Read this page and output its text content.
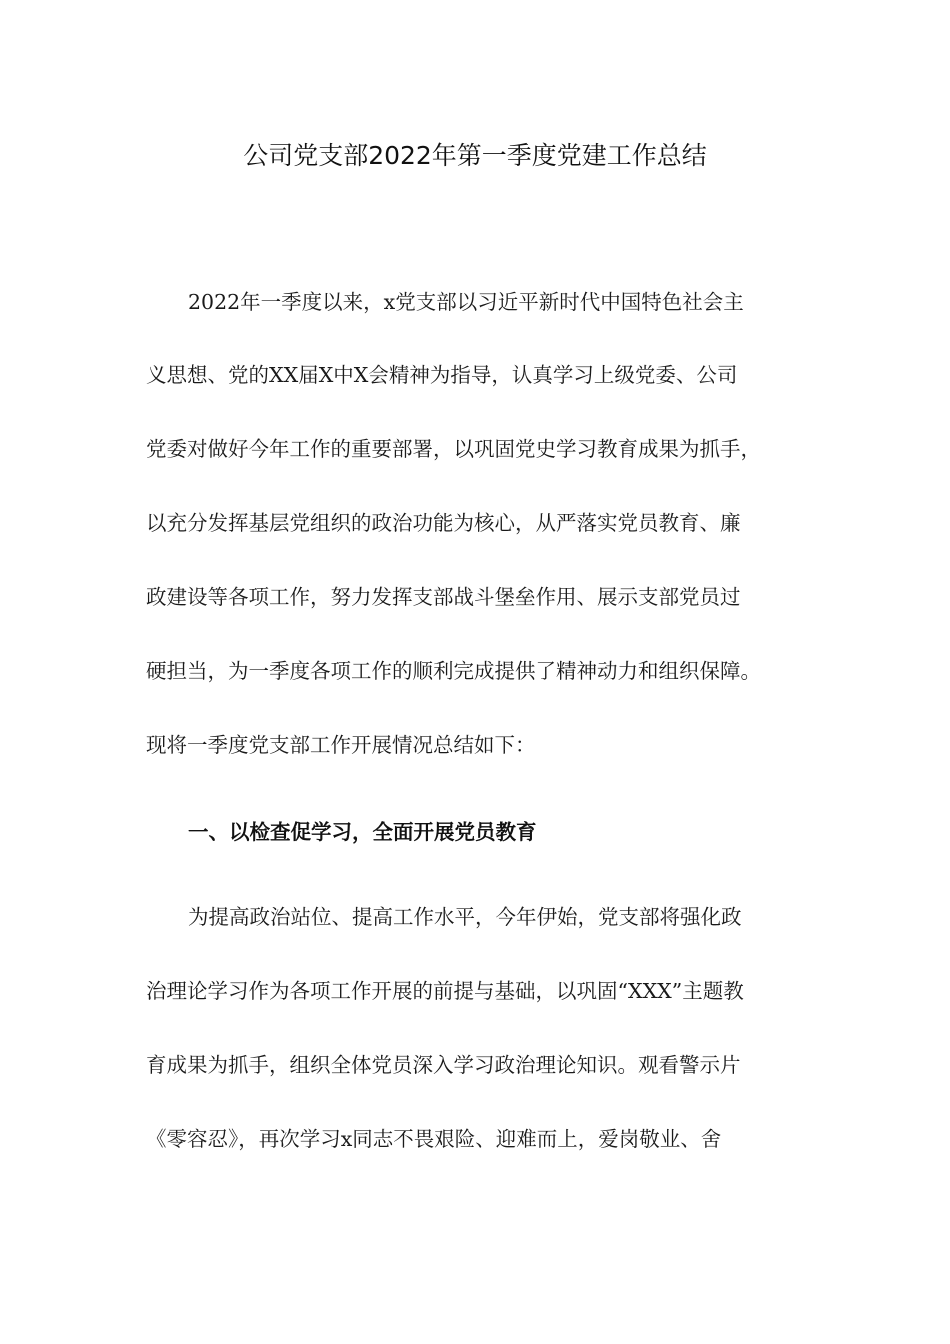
公司党支部2022年第一季度党建工作总结
2022年一季度以来，x党支部以习近平新时代中国特色社会主
义思想、党的XX届X中X会精神为指导，认真学习上级党委、公司
党委对做好今年工作的重要部署，以巩固党史学习教育成果为抓手，
以充分发挥基层党组织的政治功能为核心，从严落实党员教育、廉
政建设等各项工作，努力发挥支部战斗堡垒作用、展示支部党员过
硬担当，为一季度各项工作的顺利完成提供了精神动力和组织保障。
现将一季度党支部工作开展情况总结如下：
一、以检查促学习，全面开展党员教育
为提高政治站位、提高工作水平，今年伊始，党支部将强化政
治理论学习作为各项工作开展的前提与基础，以巩固“XXX”主题教
育成果为抓手，组织全体党员深入学习政治理论知识。观看警示片
《零容忍》，再次学习x同志不畏艰险、迎难而上，爱岗敬业、舍
